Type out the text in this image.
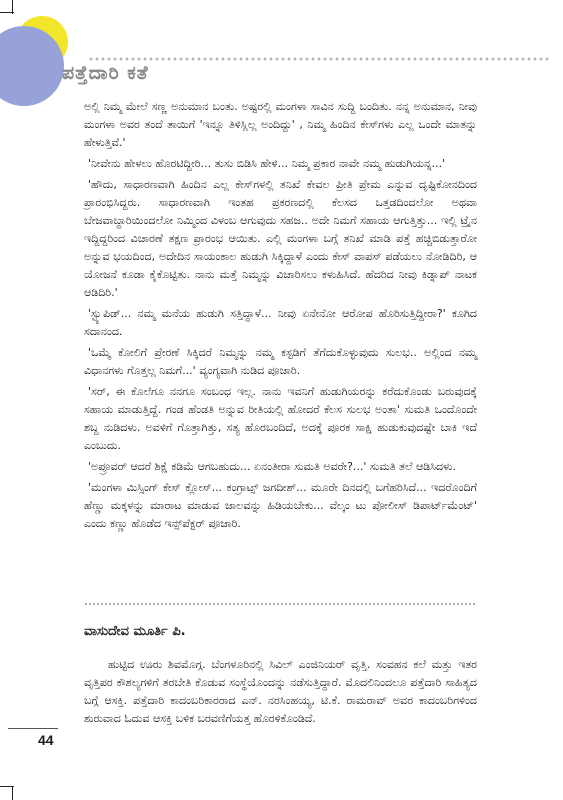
ಪತ್ತೆದಾರಿ ಕತೆ

ಅಲ್ಲಿ ನಿಮ್ಮ ಮೇಲೆ ಸಣ್ಣ ಅನುಮಾನ ಬಂತು. ಅಷ್ಟರಲ್ಲಿ ಮಂಗಳಾ ಸಾವಿನ ಸುದ್ದಿ ಬಂದಿತು. ನನ್ನ ಅನುಮಾನ, ನೀವು ಮಂಗಳಾ ಅವರ ತಂದೆ ತಾಯಿಗೆ 'ಇನ್ನೂ ತಿಳಿಸ್ಲಿಲ್ಲ ಅಂದಿದ್ದು' , ನಿಮ್ಮ ಹಿಂದಿನ ಕೇಸ್‌ಗಳು ಎಲ್ಲ ಒಂದೇ ಮಾತನ್ನು ಹೇಳುತ್ತಿವೆ.'

'ನೀವೇನು ಹೇಳಲು ಹೊರಟಿದ್ದೀರಿ... ತುಸು ಬಿಡಿಸಿ ಹೇಳಿ... ನಿಮ್ಮ ಪ್ರಕಾರ ನಾವೇ ನಮ್ಮ ಹುಡುಗಿಯನ್ನ...'

'ಹೌದು, ಸಾಧಾರಣವಾಗಿ ಹಿಂದಿನ ಎಲ್ಲ ಕೇಸ್‌ಗಳಲ್ಲಿ ತನಿಖೆ ಕೇವಲ ಪ್ರೀತಿ ಪ್ರೇಮ ಎನ್ನುವ ದೃಷ್ಟಿಕೋನದಿಂದ ಪ್ರಾರಂಭಿಸಿದ್ದರು. ಸಾಧಾರಣವಾಗಿ ಇಂತಹ ಪ್ರಕರಣದಲ್ಲಿ ಕೆಲಸದ ಒತ್ತಡದಿಂದಲೋ ಅಥವಾ ಬೇಜವಾಬ್ದಾರಿಯಿಂದಲೋ ನಿಮ್ಮಿಂದ ವಿಳಂಬ ಆಗುವುದು ಸಹಜ.. ಅದೇ ನಿಮಗೆ ಸಹಾಯ ಆಗುತ್ತಿತ್ತು... ಇಲ್ಲಿ ಟ್ರೈನ ಇದ್ದಿದ್ದರಿಂದ ವಿಚಾರಣೆ ತಕ್ಷಣ ಪ್ರಾರಂಭ ಆಯಿತು. ಎಲ್ಲಿ ಮಂಗಳಾ ಬಗ್ಗೆ ತನಿಖೆ ಮಾಡಿ ಪತ್ತೆ ಹಚ್ಚಿಬಿಡುತ್ತಾರೋ ಅನ್ನುವ ಭಯದಿಂದ, ಅದೇದಿನ ಸಾಯಂಕಾಲ ಹುಡುಗಿ ಸಿಕ್ಕಿದ್ದಾಳೆ ಎಂದು ಕೇಸ್ ವಾಪಸ್ ಪಡೆಯಲು ನೋಡಿದಿರಿ, ಆ ಯೋಜನೆ ಕೂಡಾ ಕೈಕೊಟ್ಟಿತು. ನಾನು ಮತ್ತೆ ನಿಮ್ಮನ್ನು ವಿಚಾರಿಸಲು ಕಳುಹಿಸಿದೆ. ಹೆದರಿದ ನೀವು ಕಿಡ್ನಾಪ್ ನಾಟಕ ಆಡಿದಿರಿ.'

'ಸ್ಟ್ಯುಪಿಡ್... ನಮ್ಮ ಮನೆಯ ಹುಡುಗಿ ಸತ್ತಿದ್ದಾಳೆ... ನೀವು ಏನೇನೋ ಆರೋಪ ಹೊರಿಸುತ್ತಿದ್ದೀರಾ?' ಕೂಗಿದ ಸದಾನಂದ.

'ಒಮ್ಮೆ ಕೋಲಿಗೆ ಪ್ರೇರಣೆ ಸಿಕ್ಕಿದರೆ ನಿಮ್ಮನ್ನು ನಮ್ಮ ಕಸ್ಟಡಿಗೆ ತೆಗೆದುಕೊಳ್ಳುವುದು ಸುಲಭ.. ಅಲ್ಲಿಂದ ನಮ್ಮ ವಿಧಾನಗಳು ಗೊತ್ತಲ್ಲ ನಿಮಗೆ...' ವ್ಯಂಗ್ಯವಾಗಿ ನುಡಿದ ಪೂಜಾರಿ.

'ಸರ್, ಈ ಕೊಲೆಗೂ ನನಗೂ ಸಂಬಂಧ ಇಲ್ಲ. ನಾನು ಇವನಿಗೆ ಹುಡುಗಿಯರನ್ನು ಕರೆದುಕೊಂಡು ಬರುವುದಕ್ಕೆ ಸಹಾಯ ಮಾಡುತ್ತಿದ್ದೆ. ಗಂಡ ಹೆಂಡತಿ ಅನ್ನುವ ರೀತಿಯಲ್ಲಿ ಹೋದರೆ ಕೆಲಸ ಸುಲಭ ಅಂತಾ' ಸುಮತಿ ಒಂದೊಂದೇ ಶಬ್ದ ನುಡಿದಳು. ಅವಳಿಗೆ ಗೊತ್ತಾಗಿತ್ತು, ಸತ್ಯ ಹೊರಬಂದಿದೆ, ಅದಕ್ಕೆ ಪೂರಕ ಸಾಕ್ಷಿ ಹುಡುಕುವುದಷ್ಟೇ ಬಾಕಿ ಇದೆ ಎಂಬುದು.

'ಅಪ್ರೂವರ್ ಆದರೆ ಶಿಕ್ಷೆ ಕಡಿಮೆ ಆಗಬಹುದು... ಏನಂತೀರಾ ಸುಮತಿ ಅವರೇ?...' ಸುಮತಿ ತಲೆ ಆಡಿಸಿದಳು.

'ಮಂಗಳಾ ಮಿಸ್ಸಿಂಗ್ ಕೇಸ್ ಕ್ಲೋಸ್... ಕಂಗ್ರಾಟ್ಸ್ ಜಗದೀಶ್... ಮೂರೇ ದಿನದಲ್ಲಿ ಬಗೆಹರಿಸಿದೆ... ಇದರೊಂದಿಗೆ ಹೆಣ್ಣು ಮಕ್ಕಳನ್ನು ಮಾರಾಟ ಮಾಡುವ ಜಾಲವನ್ನು ಹಿಡಿಯಬೇಕು... ವೆಲ್ಕಂ ಟು ಪೋಲೀಸ್ ಡಿಪಾರ್ಟ್‌ಮೆಂಟ್' ಎಂದು ಕಣ್ಣು ಹೊಡೆದ ಇನ್ಸ್‌ಪೆಕ್ಟರ್ ಪೂಜಾರಿ.

ವಾಸುದೇವ ಮೂರ್ತಿ ಪಿ.

ಹುಟ್ಟಿದ ಊರು ಶಿವಮೊಗ್ಗ. ಬೆಂಗಳೂರಿನಲ್ಲಿ ಸಿವಿಲ್ ಎಂಜಿನಿಯರ್ ವೃತ್ತಿ. ಸಂವಹನ ಕಲೆ ಮತ್ತು ಇತರ ವೃತ್ತಿಪರ ಕೌಶಲ್ಯಗಳಿಗೆ ತರಬೇತಿ ಕೊಡುವ ಸಂಸ್ಥೆಯೊಂದನ್ನು ನಡೆಸುತ್ತಿದ್ದಾರೆ. ಮೊದಲಿನಿಂದಲೂ ಪತ್ತೆದಾರಿ ಸಾಹಿತ್ಯದ ಬಗ್ಗೆ ಆಸಕ್ತಿ. ಪತ್ತೆದಾರಿ ಕಾದಂಬರಿಕಾರರಾದ ಎನ್. ನರಸಿಂಹಯ್ಯ, ಟಿ.ಕೆ. ರಾಮರಾವ್ ಅವರ ಕಾದಂಬರಿಗಳಿಂದ ಶುರುವಾದ ಓದುವ ಆಸಕ್ತಿ ಬಳಿಕ ಬರವಣಿಗೆಯತ್ತ ಹೊರಳಿಕೊಂಡಿದೆ.

44
